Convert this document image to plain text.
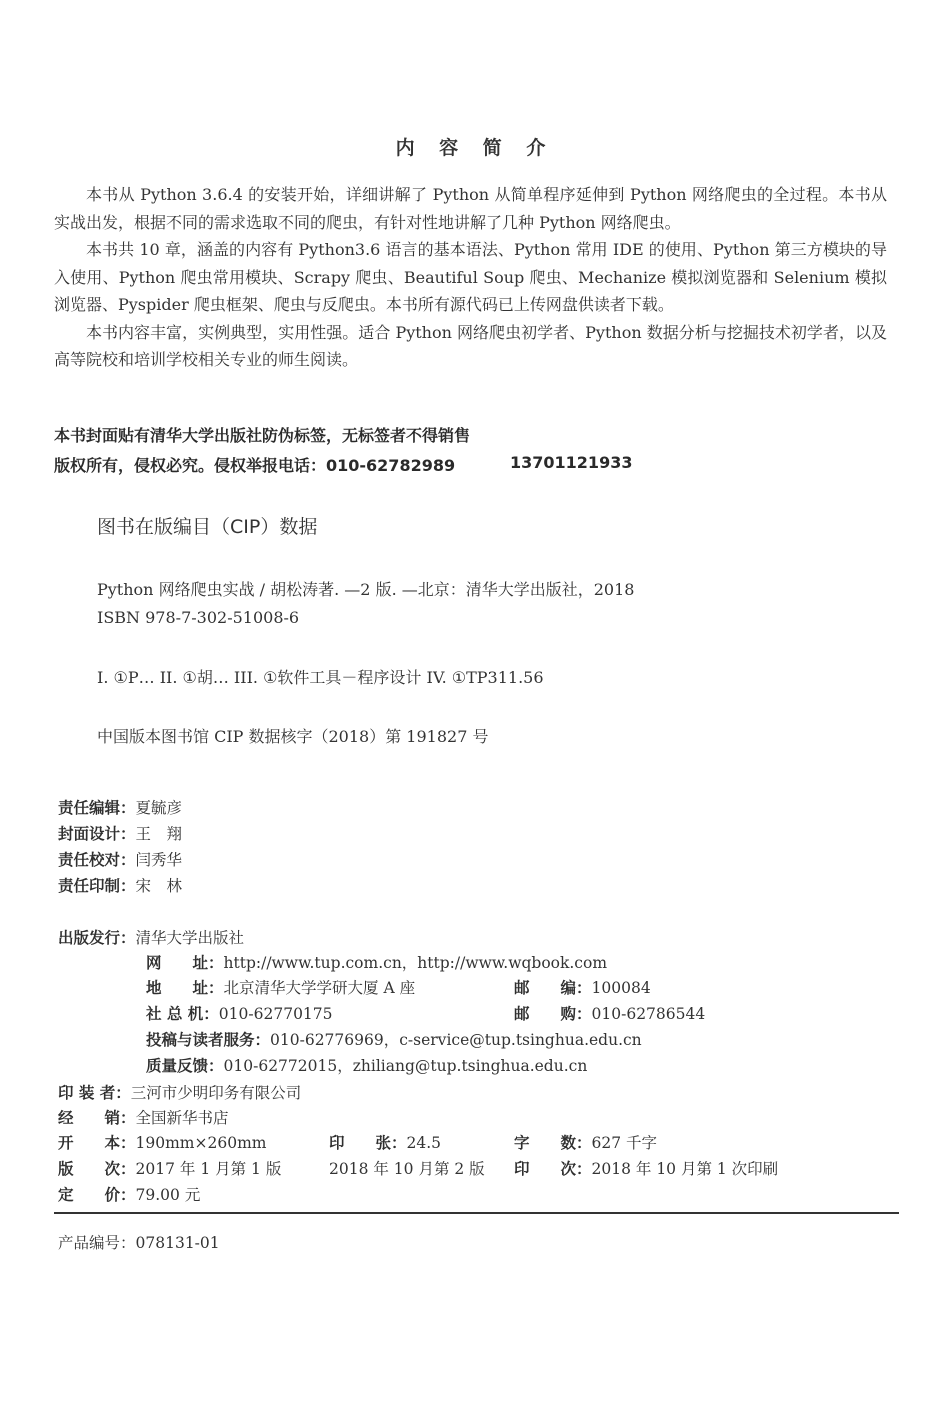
内 容 简 介

本书从 Python 3.6.4 的安装开始，详细讲解了 Python 从简单程序延伸到 Python 网络爬虫的全过程。本书从实战出发，根据不同的需求选取不同的爬虫，有针对性地讲解了几种 Python 网络爬虫。

本书共 10 章，涵盖的内容有 Python3.6 语言的基本语法、Python 常用 IDE 的使用、Python 第三方模块的导入使用、Python 爬虫常用模块、Scrapy 爬虫、Beautiful Soup 爬虫、Mechanize 模拟浏览器和 Selenium 模拟浏览器、Pyspider 爬虫框架、爬虫与反爬虫。本书所有源代码已上传网盘供读者下载。

本书内容丰富，实例典型，实用性强。适合 Python 网络爬虫初学者、Python 数据分析与挖掘技术初学者，以及高等院校和培训学校相关专业的师生阅读。

本书封面贴有清华大学出版社防伪标签，无标签者不得销售
版权所有，侵权必究。侵权举报电话：010-62782989	13701121933
图书在版编目（CIP）数据
Python 网络爬虫实战 / 胡松涛著. —2 版. —北京：清华大学出版社，2018
ISBN 978-7-302-51008-6
I. ①P… II. ①胡… III. ①软件工具－程序设计 IV. ①TP311.56
中国版本图书馆 CIP 数据核字（2018）第 191827 号
责任编辑：夏毓彦
封面设计：王　翔
责任校对：闫秀华
责任印制：宋　林
出版发行：清华大学出版社
网　　址：http://www.tup.com.cn，http://www.wqbook.com
地　　址：北京清华大学学研大厦 A 座	邮　　编：100084
社 总 机：010-62770175	邮　　购：010-62786544
投稿与读者服务：010-62776969，c-service@tup.tsinghua.edu.cn
质量反馈：010-62772015，zhiliang@tup.tsinghua.edu.cn
印 装 者：三河市少明印务有限公司
经　　销：全国新华书店
开　　本：190mm×260mm	印　　张：24.5	字　　数：627 千字
版　　次：2017 年 1 月第 1 版	2018 年 10 月第 2 版 印　　次：2018 年 10 月第 1 次印刷
定　　价：79.00 元
产品编号：078131-01
